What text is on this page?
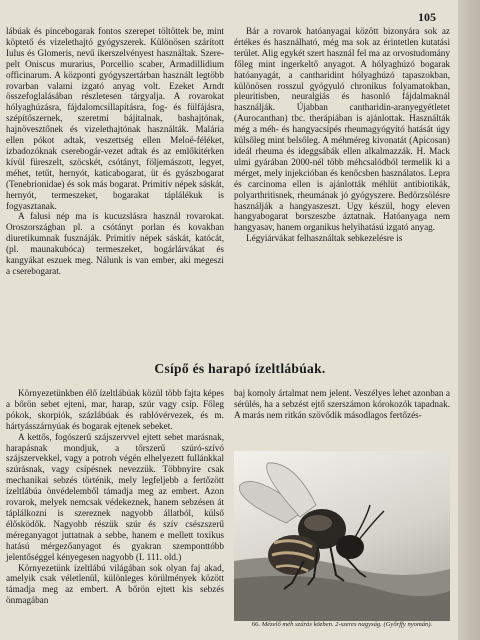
105

lábúak és pincebogarak fontos szerepet töltöttek be, mint köptető és vizelethajtó gyógyszerek. Különösen szárított Iulus és Glomeris, nevű ikerszelvényest használtak. Szerepelt Oniscus murarius, Porcellio scaber, Armadillidium officinarum. A központi gyógyszertárban használt legtöbb rovarban valami izgató anyag volt. Ezeket Arndt összefoglalásában részletesen tárgyalja. A rovarokat hólyaghúzásra, fájdalomcsillapításra, fog- és fülfájásra, szépítőszernek, szeretmi bájitalnak, bashajtónak, hajnövesztőnek és vizelethajtónak használták. Malária ellen pókot adtak, veszettség ellen Meloë-féléket, ízbadozóknak cserebogár-vezet adtak és az emlőkitérken kívül füreszelt, szöcskét, csótányt, följemászott, legyet, méhet, tetűt, hernyót, katicabogarat, üt és gyászbogarat (Tenebrionidae) és sok más bogarat. Primitív népek sáskát, hernyót, termeszeket, bogarakat táplálékuk is fogyasztanak.

A falusi nép ma is kucuzslásra használ rovarokat. Oroszországban pl. a csótányt porlan és kovakban diuretikumnak fusznáják. Primitív népek sáskát, katócát, (pl. maunakubóca) termeszeket, bogárlárvákat és kangyákat eszuek meg. Nálunk is van ember, aki megeszi a cserebogarat.

Bár a rovarok hatóanyagai között bizonyára sok az értékes és használható, még ma sok az érintetlen kutatási terület. Alig egykét szert használ fel ma az orvostudomány főleg mint ingerkeltő anyagot. A hólyaghúzó bogarak hatóanyagát, a cantharidint hólyaghúzó tapaszokban, különösen rosszul gyógyuló chronikus folyamatokban, pleuritisben, neuralgiás és hasonló fájdalmaknál használják. Újabban cantharidin-aranyegyétletet (Aurocanthan) tbc. therápiában is ajánlottak. Használták még a méh- és hangyacsípés rheumagyógyító hatását úgy külsőleg mint belsőleg. A méhméreg kivonatát (Apicosan) ideál rheuma és ideggsábák ellen alkalmazzák. H. Mack ulmi gyárában 2000-nél több méhcsalódból termelik ki a mérget, mely injekcióban és kenőcsben használatos. Lepra és carcinoma ellen is ajánlották méhlüt antibiotikák, polyarthritisnek, rheumának jó gyógyszere. Bedörzsölésre használják a hangyaszeszt. Ugy készül, hogy eleven hangyabogarat borszeszbe áztatnak. Hatóanyaga nem hangyasav, hanem organikus helyihatású izgató anyag.

Légyiárvákat felhasználtak sebkezelésre is

Csípő és harapó ízeltlábúak.

Környezetünkben élő ízeltlábúak közül több fajta képes a bőrön sebet ejteni, mar, harap, szúr vagy csíp. Főleg pókok, skorpiók, százlábúak és rablóvérvezek, és m. hártyásszárnyúak és bogarak ejtenek sebeket.

A kettős, fogószerű szájszervvel ejtett sebet marásnak, harapásnak mondjuk, a tőrszerű szúró-szívó szájszervekkel, vagy a potroh végén elhelyezett fullánkkal szúrásnak, vagy csípésnek nevezzük. Többnyire csak mechanikai sebzés történik, mely legfeljebb a fertőzött ízeltlábúa önvédelemből támadja meg az embert. Azon rovarok, melyek nemcsak védekeznek, hanem sebzésen át táplálkozni is szereznek nagyobb állatból, külső élősködők. Nagyobb részük szúr és szív csészszerű méreganyagot juttatnak a sebbe, hanem e mellett toxikus hatású mérgezőanyagot és gyakran szemponttóbb jelentőséggel kényegesen nagyobb (I. 111. old.)

Környezetünk ízeltlábú világában sok olyan faj akad, amelyik csak véletlenül, különleges körülmények között támadja meg az embert. A bőrön ejtett kis sebzés önmagában

baj komoly ártalmat nem jelent. Veszélyes lehet azonban a sérülés, ha a sebzést ejtő szerszámon kórokozók tapadnak. A marás nem ritkán szövődik másodlagos fertőzés-

66. Mézelő méh szúrás közben. 2-szeres nagyság. (Győrffy nyomán).
